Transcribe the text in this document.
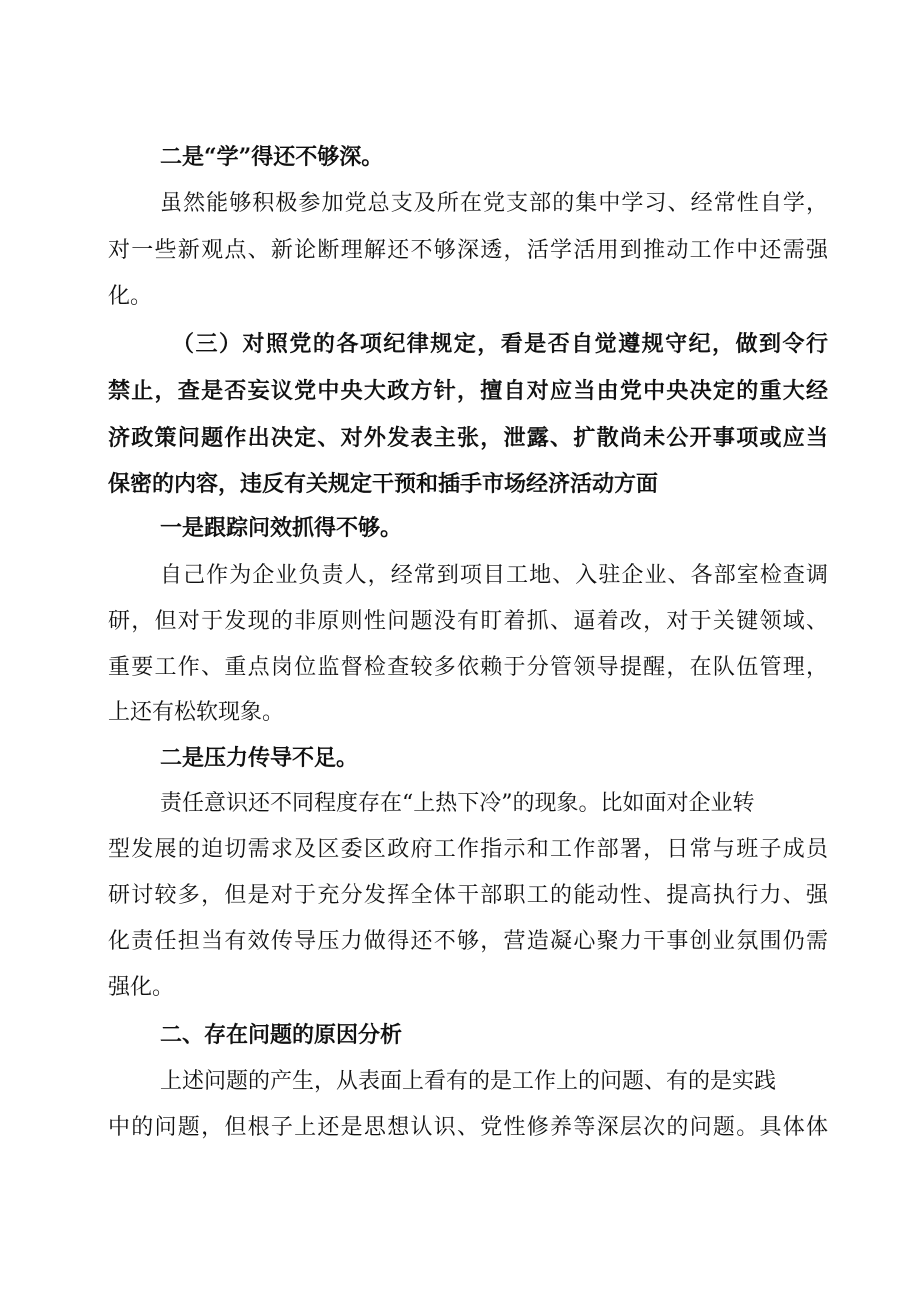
二是“学”得还不够深。
虽然能够积极参加党总支及所在党支部的集中学习、经常性自学，
对一些新观点、新论断理解还不够深透，活学活用到推动工作中还需强
化。
（三）对照党的各项纪律规定，看是否自觉遵规守纪，做到令行
禁止，查是否妄议党中央大政方针，擅自对应当由党中央决定的重大经
济政策问题作出决定、对外发表主张，泄露、扩散尚未公开事项或应当
保密的内容，违反有关规定干预和插手市场经济活动方面
一是跟踪问效抓得不够。
自己作为企业负责人，经常到项目工地、入驻企业、各部室检查调
研，但对于发现的非原则性问题没有盯着抓、逼着改，对于关键领域、
重要工作、重点岗位监督检查较多依赖于分管领导提醒，在队伍管理，
上还有松软现象。
二是压力传导不足。
责任意识还不同程度存在“上热下冷”的现象。比如面对企业转
型发展的迫切需求及区委区政府工作指示和工作部署，日常与班子成员
研讨较多，但是对于充分发挥全体干部职工的能动性、提高执行力、强
化责任担当有效传导压力做得还不够，营造凝心聚力干事创业氛围仍需
强化。
二、存在问题的原因分析
上述问题的产生，从表面上看有的是工作上的问题、有的是实践
中的问题，但根子上还是思想认识、党性修养等深层次的问题。具体体
